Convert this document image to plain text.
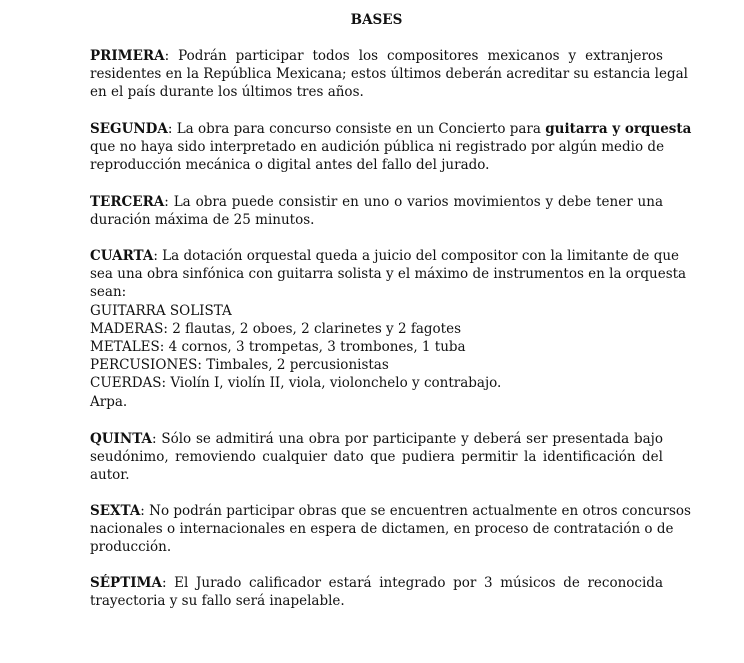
BASES
PRIMERA: Podrán participar todos los compositores mexicanos y extranjeros
residentes en la República Mexicana; estos últimos deberán acreditar su estancia legal
en el país durante los últimos tres años.
SEGUNDA: La obra para concurso consiste en un Concierto para guitarra y orquesta
que no haya sido interpretado en audición pública ni registrado por algún medio de
reproducción mecánica o digital antes del fallo del jurado.
TERCERA: La obra puede consistir en uno o varios movimientos y debe tener una
duración máxima de 25 minutos.
CUARTA: La dotación orquestal queda a juicio del compositor con la limitante de que
sea una obra sinfónica con guitarra solista y el máximo de instrumentos en la orquesta
sean:
GUITARRA SOLISTA
MADERAS: 2 flautas, 2 oboes, 2 clarinetes y 2 fagotes
METALES: 4 cornos, 3 trompetas, 3 trombones, 1 tuba
PERCUSIONES: Timbales, 2 percusionistas
CUERDAS: Violín I, violín II, viola, violonchelo y contrabajo.
Arpa.
QUINTA: Sólo se admitirá una obra por participante y deberá ser presentada bajo
seudónimo, removiendo cualquier dato que pudiera permitir la identificación del
autor.
SEXTA: No podrán participar obras que se encuentren actualmente en otros concursos
nacionales o internacionales en espera de dictamen, en proceso de contratación o de
producción.
SÉPTIMA: El Jurado calificador estará integrado por 3 músicos de reconocida
trayectoria y su fallo será inapelable.
